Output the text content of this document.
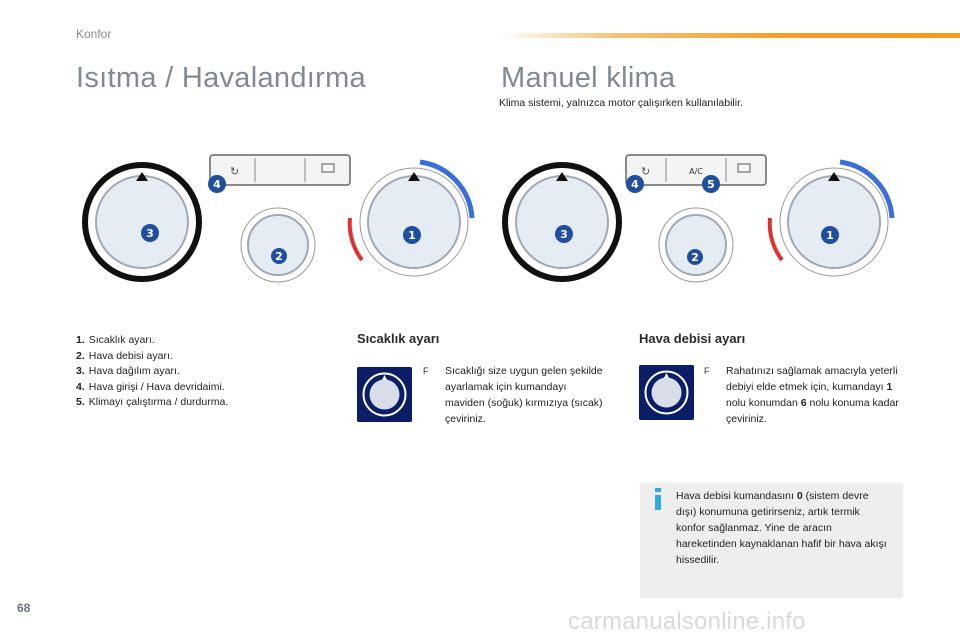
Konfor
Isıtma / Havalandırma	Manuel klima
Klima sistemi, yalnızca motor çalışırken kullanılabilir.
↻
3
2
4
1
↻	A/C
3
2
4	5
1
1. Sıcaklık ayarı.
2. Hava debisi ayarı.
3. Hava dağılım ayarı.
4. Hava girişi / Hava devridaimi.
5. Klimayı çalıştırma / durdurma.
Sıcaklık ayarı
F	Sıcaklığı size uygun gelen şekilde ayarlamak için kumandayı maviden (soğuk) kırmızıya (sıcak) çeviriniz.
Hava debisi ayarı
F	Rahatınızı sağlamak amacıyla yeterli debiyi elde etmek için, kumandayı 1 nolu konumdan 6 nolu konuma kadar çeviriniz.
Hava debisi kumandasını 0 (sistem devre dışı) konumuna getirirseniz, artık termik konfor sağlanmaz. Yine de aracın hareketinden kaynaklanan hafif bir hava akışı hissedilir.
68	carmanualsonline.info
